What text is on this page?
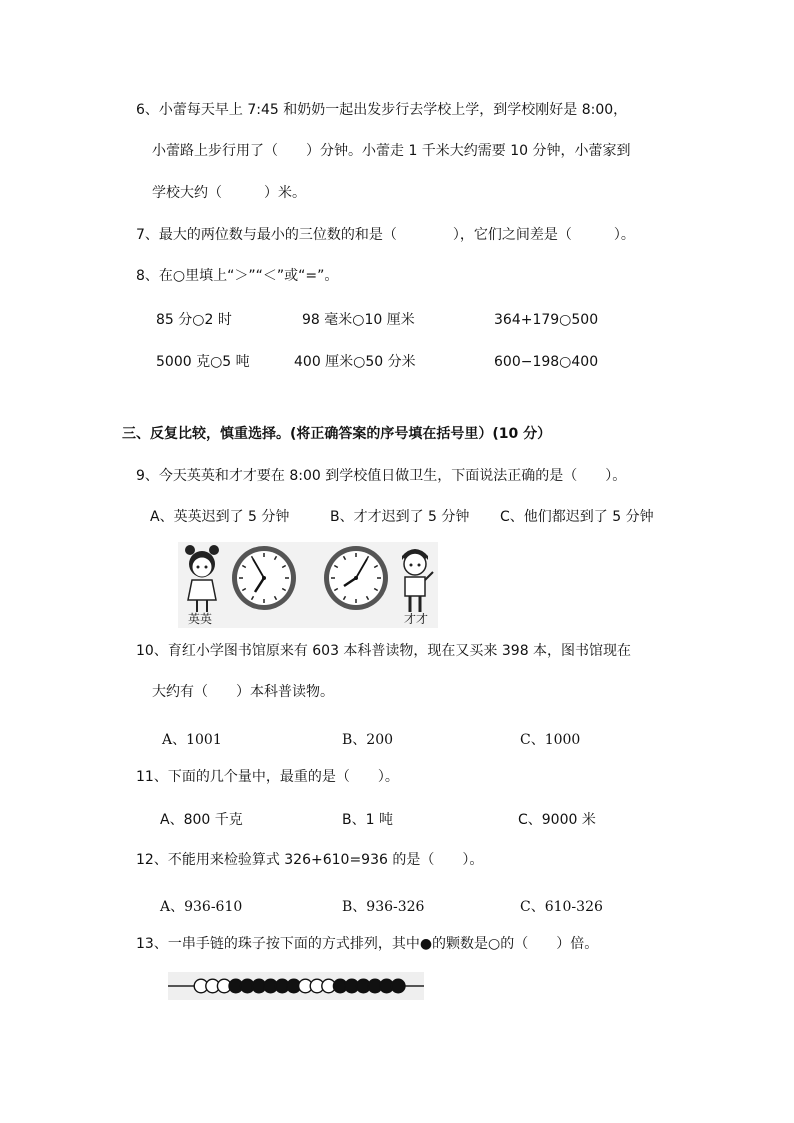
6、小蕾每天早上 7:45 和奶奶一起出发步行去学校上学，到学校刚好是 8:00，
小蕾路上步行用了（　　）分钟。小蕾走 1 千米大约需要 10 分钟，小蕾家到
学校大约（　　　）米。
7、最大的两位数与最小的三位数的和是（　　　　），它们之间差是（　　　）。
8、在○里填上“＞”“＜”或“=”。
85 分○2 时	98 毫米○10 厘米	364+179○500
5000 克○5 吨	400 厘米○50 分米	600−198○400
三、反复比较，慎重选择。(将正确答案的序号填在括号里）(10 分）
9、今天英英和才才要在 8:00 到学校值日做卫生，下面说法正确的是（　　）。
A、英英迟到了 5 分钟	B、才才迟到了 5 分钟 C、他们都迟到了 5 分钟
英英	才才
10、育红小学图书馆原来有 603 本科普读物，现在又买来 398 本，图书馆现在
大约有（　　）本科普读物。
A、1001	B、200	C、1000
11、下面的几个量中，最重的是（　　）。
A、800 千克	B、1 吨	C、9000 米
12、不能用来检验算式 326+610=936 的是（　　）。
A、936-610	B、936-326	C、610-326
13、一串手链的珠子按下面的方式排列，其中●的颗数是○的（　　）倍。
